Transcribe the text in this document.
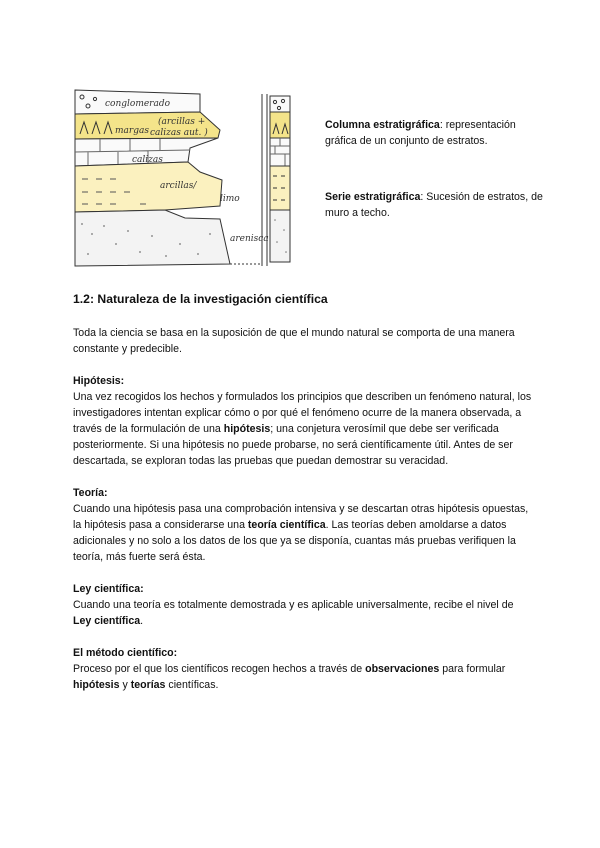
conglomerado
margas
(arcillas +
calizas aut. )
calizas
arcillas/
limo
arenisca
Columna estratigráfica: representación gráfica de un conjunto de estratos.
Serie estratigráfica: Sucesión de estratos, de muro a techo.
1.2: Naturaleza de la investigación científica

Toda la ciencia se basa en la suposición de que el mundo natural se comporta de una manera constante y predecible.

Hipótesis:

Una vez recogidos los hechos y formulados los principios que describen un fenómeno natural, los investigadores intentan explicar cómo o por qué el fenómeno ocurre de la manera observada, a través de la formulación de una hipótesis; una conjetura verosímil que debe ser verificada posteriormente. Si una hipótesis no puede probarse, no será científicamente útil. Antes de ser descartada, se exploran todas las pruebas que puedan demostrar su veracidad.

Teoría:

Cuando una hipótesis pasa una comprobación intensiva y se descartan otras hipótesis opuestas, la hipótesis pasa a considerarse una teoría científica. Las teorías deben amoldarse a datos adicionales y no solo a los datos de los que ya se disponía, cuantas más pruebas verifiquen la teoría, más fuerte será ésta.

Ley científica:

Cuando una teoría es totalmente demostrada y es aplicable universalmente, recibe el nivel de Ley científica.

El método científico:

Proceso por el que los científicos recogen hechos a través de observaciones para formular hipótesis y teorías científicas.
